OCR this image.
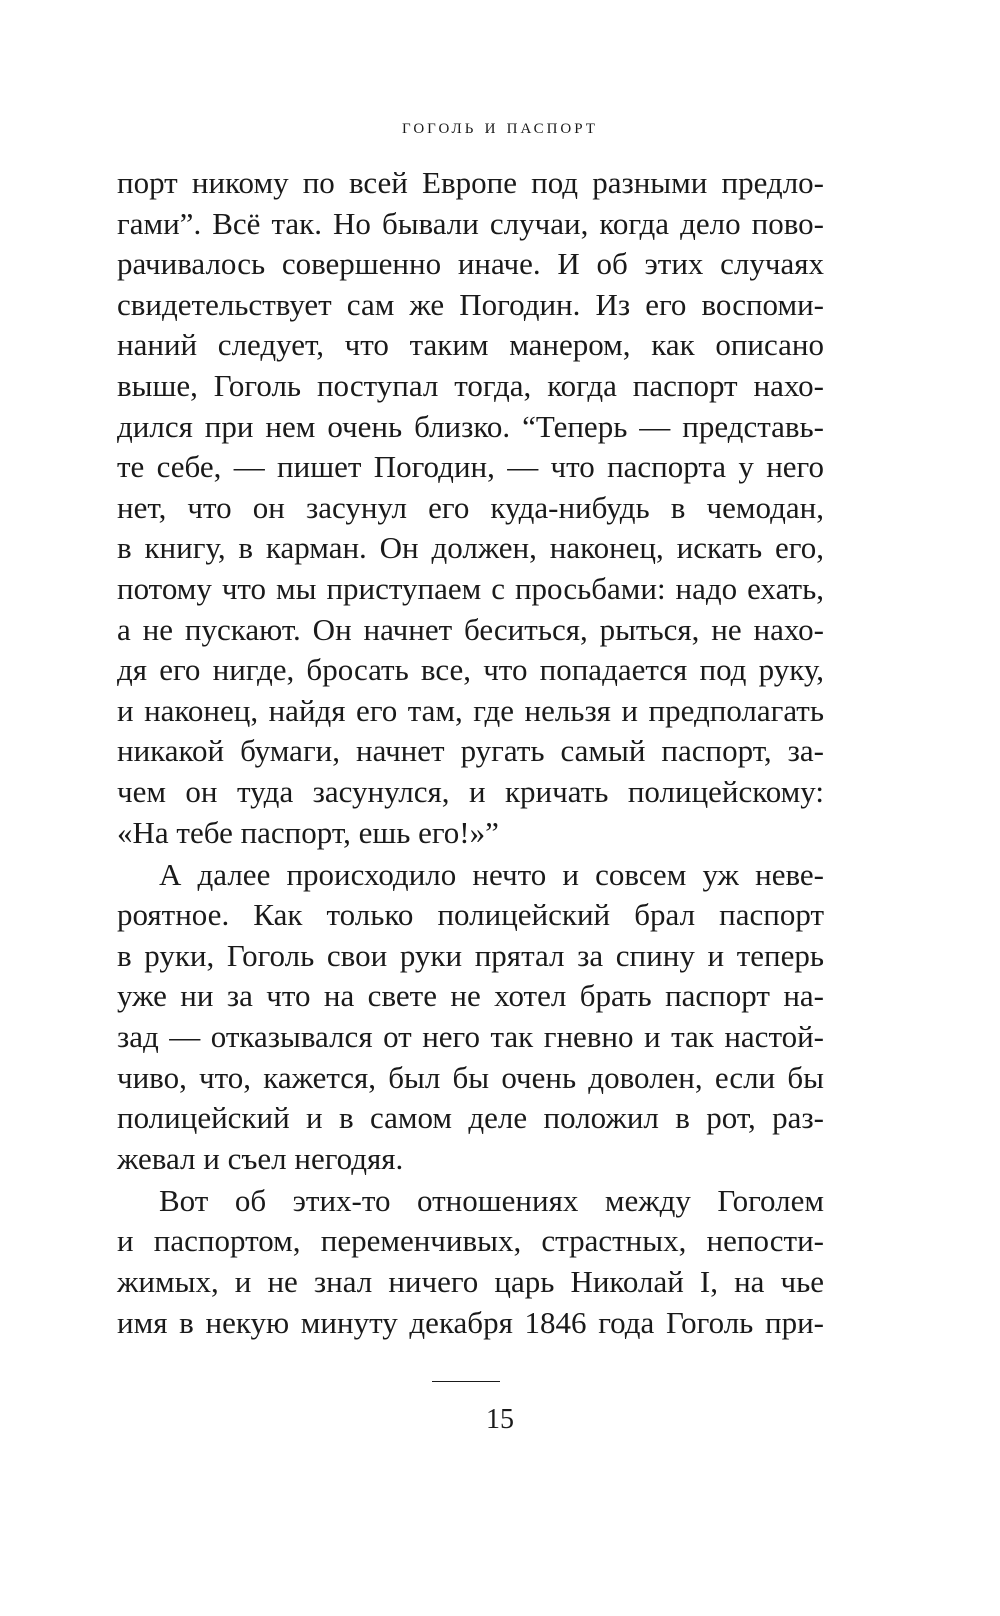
гоголь и паспорт
порт никому по всей Европе под разными предло-
гами”. Всё так. Но бывали случаи, когда дело пово-
рачивалось совершенно иначе. И об этих случаях
свидетельствует сам же Погодин. Из его воспоми-
наний следует, что таким манером, как описано
выше, Гоголь поступал тогда, когда паспорт нахо-
дился при нем очень близко. “Теперь — представь-
те себе, — пишет Погодин, — что паспорта у него
нет, что он засунул его куда-нибудь в чемодан,
в книгу, в карман. Он должен, наконец, искать его,
потому что мы приступаем с просьбами: надо ехать,
а не пускают. Он начнет беситься, рыться, не нахо-
дя его нигде, бросать все, что попадается под руку,
и наконец, найдя его там, где нельзя и предполагать
никакой бумаги, начнет ругать самый паспорт, за-
чем он туда засунулся, и кричать полицейскому:
«На тебе паспорт, ешь его!»”
А далее происходило нечто и совсем уж неве-
роятное. Как только полицейский брал паспорт
в руки, Гоголь свои руки прятал за спину и теперь
уже ни за что на свете не хотел брать паспорт на-
зад — отказывался от него так гневно и так настой-
чиво, что, кажется, был бы очень доволен, если бы
полицейский и в самом деле положил в рот, раз-
жевал и съел негодяя.
Вот об этих-то отношениях между Гоголем
и паспортом, переменчивых, страстных, непости-
жимых, и не знал ничего царь Николай I, на чье
имя в некую минуту декабря 1846 года Гоголь при-
15
